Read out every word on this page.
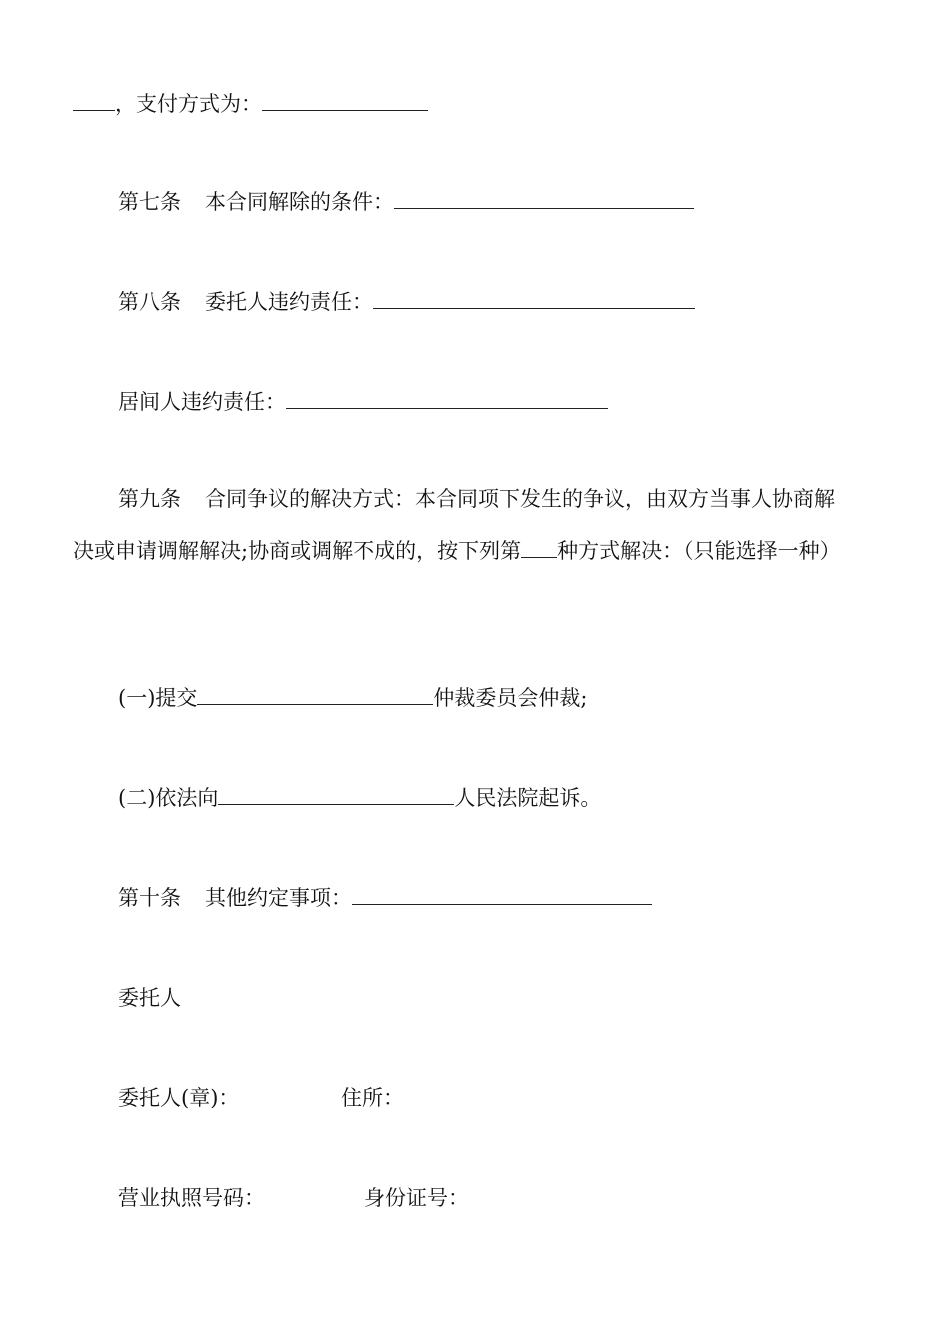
，支付方式为：
第七条 本合同解除的条件：
第八条 委托人违约责任：
居间人违约责任：
第九条 合同争议的解决方式：本合同项下发生的争议，由双方当事人协商解
决或申请调解解决;协商或调解不成的，按下列第 种方式解决：（只能选择一种）
(一)提交	仲裁委员会仲裁;
(二)依法向	人民法院起诉。
第十条 其他约定事项：
委托人
委托人(章)：	住所：
营业执照号码：	身份证号：
